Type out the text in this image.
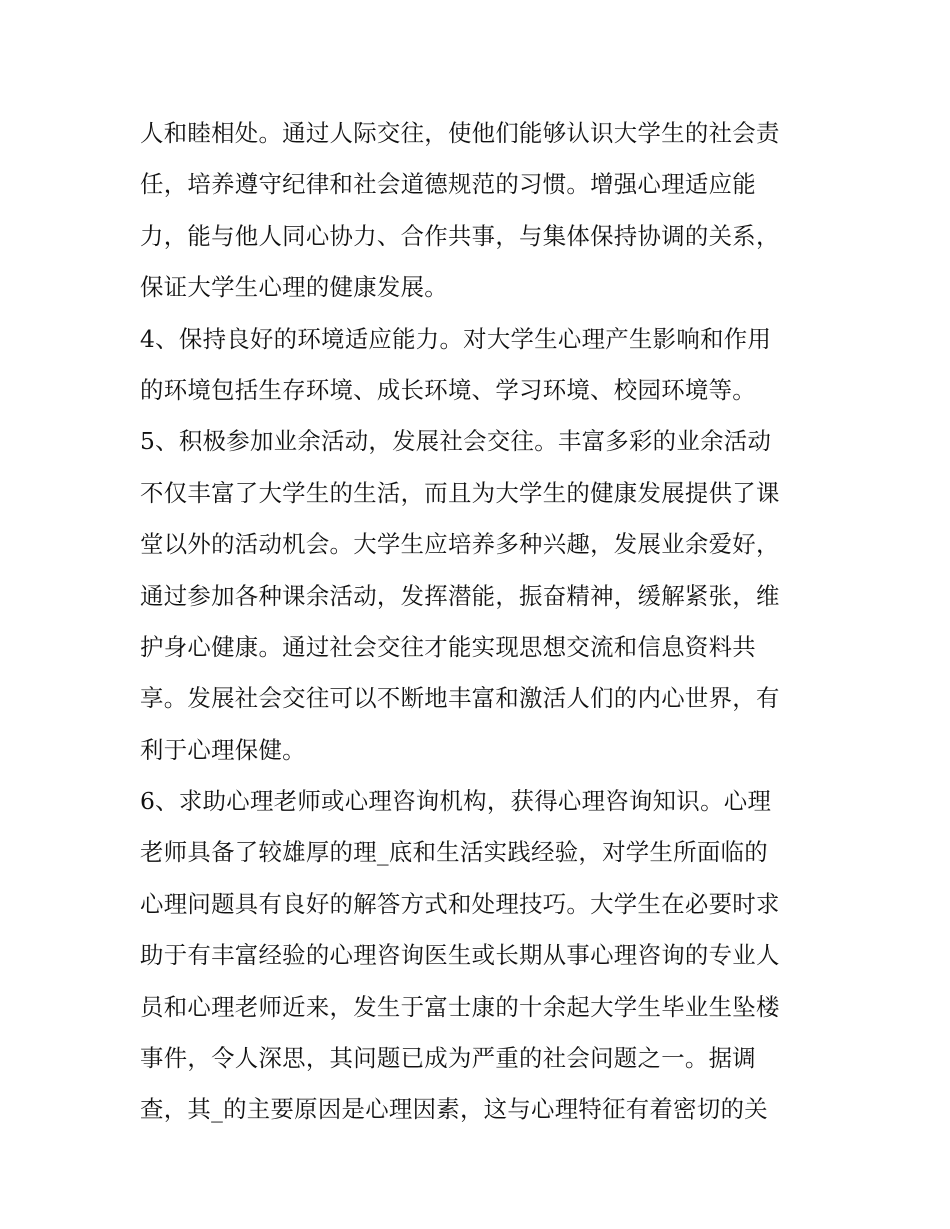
人和睦相处。通过人际交往，使他们能够认识大学生的社会责
任，培养遵守纪律和社会道德规范的习惯。增强心理适应能
力，能与他人同心协力、合作共事，与集体保持协调的关系，
保证大学生心理的健康发展。
4、保持良好的环境适应能力。对大学生心理产生影响和作用
的环境包括生存环境、成长环境、学习环境、校园环境等。
5、积极参加业余活动，发展社会交往。丰富多彩的业余活动
不仅丰富了大学生的生活，而且为大学生的健康发展提供了课
堂以外的活动机会。大学生应培养多种兴趣，发展业余爱好，
通过参加各种课余活动，发挥潜能，振奋精神，缓解紧张，维
护身心健康。通过社会交往才能实现思想交流和信息资料共
享。发展社会交往可以不断地丰富和激活人们的内心世界，有
利于心理保健。
6、求助心理老师或心理咨询机构，获得心理咨询知识。心理
老师具备了较雄厚的理_底和生活实践经验，对学生所面临的
心理问题具有良好的解答方式和处理技巧。大学生在必要时求
助于有丰富经验的心理咨询医生或长期从事心理咨询的专业人
员和心理老师近来，发生于富士康的十余起大学生毕业生坠楼
事件，令人深思，其问题已成为严重的社会问题之一。据调
查，其_的主要原因是心理因素，这与心理特征有着密切的关
